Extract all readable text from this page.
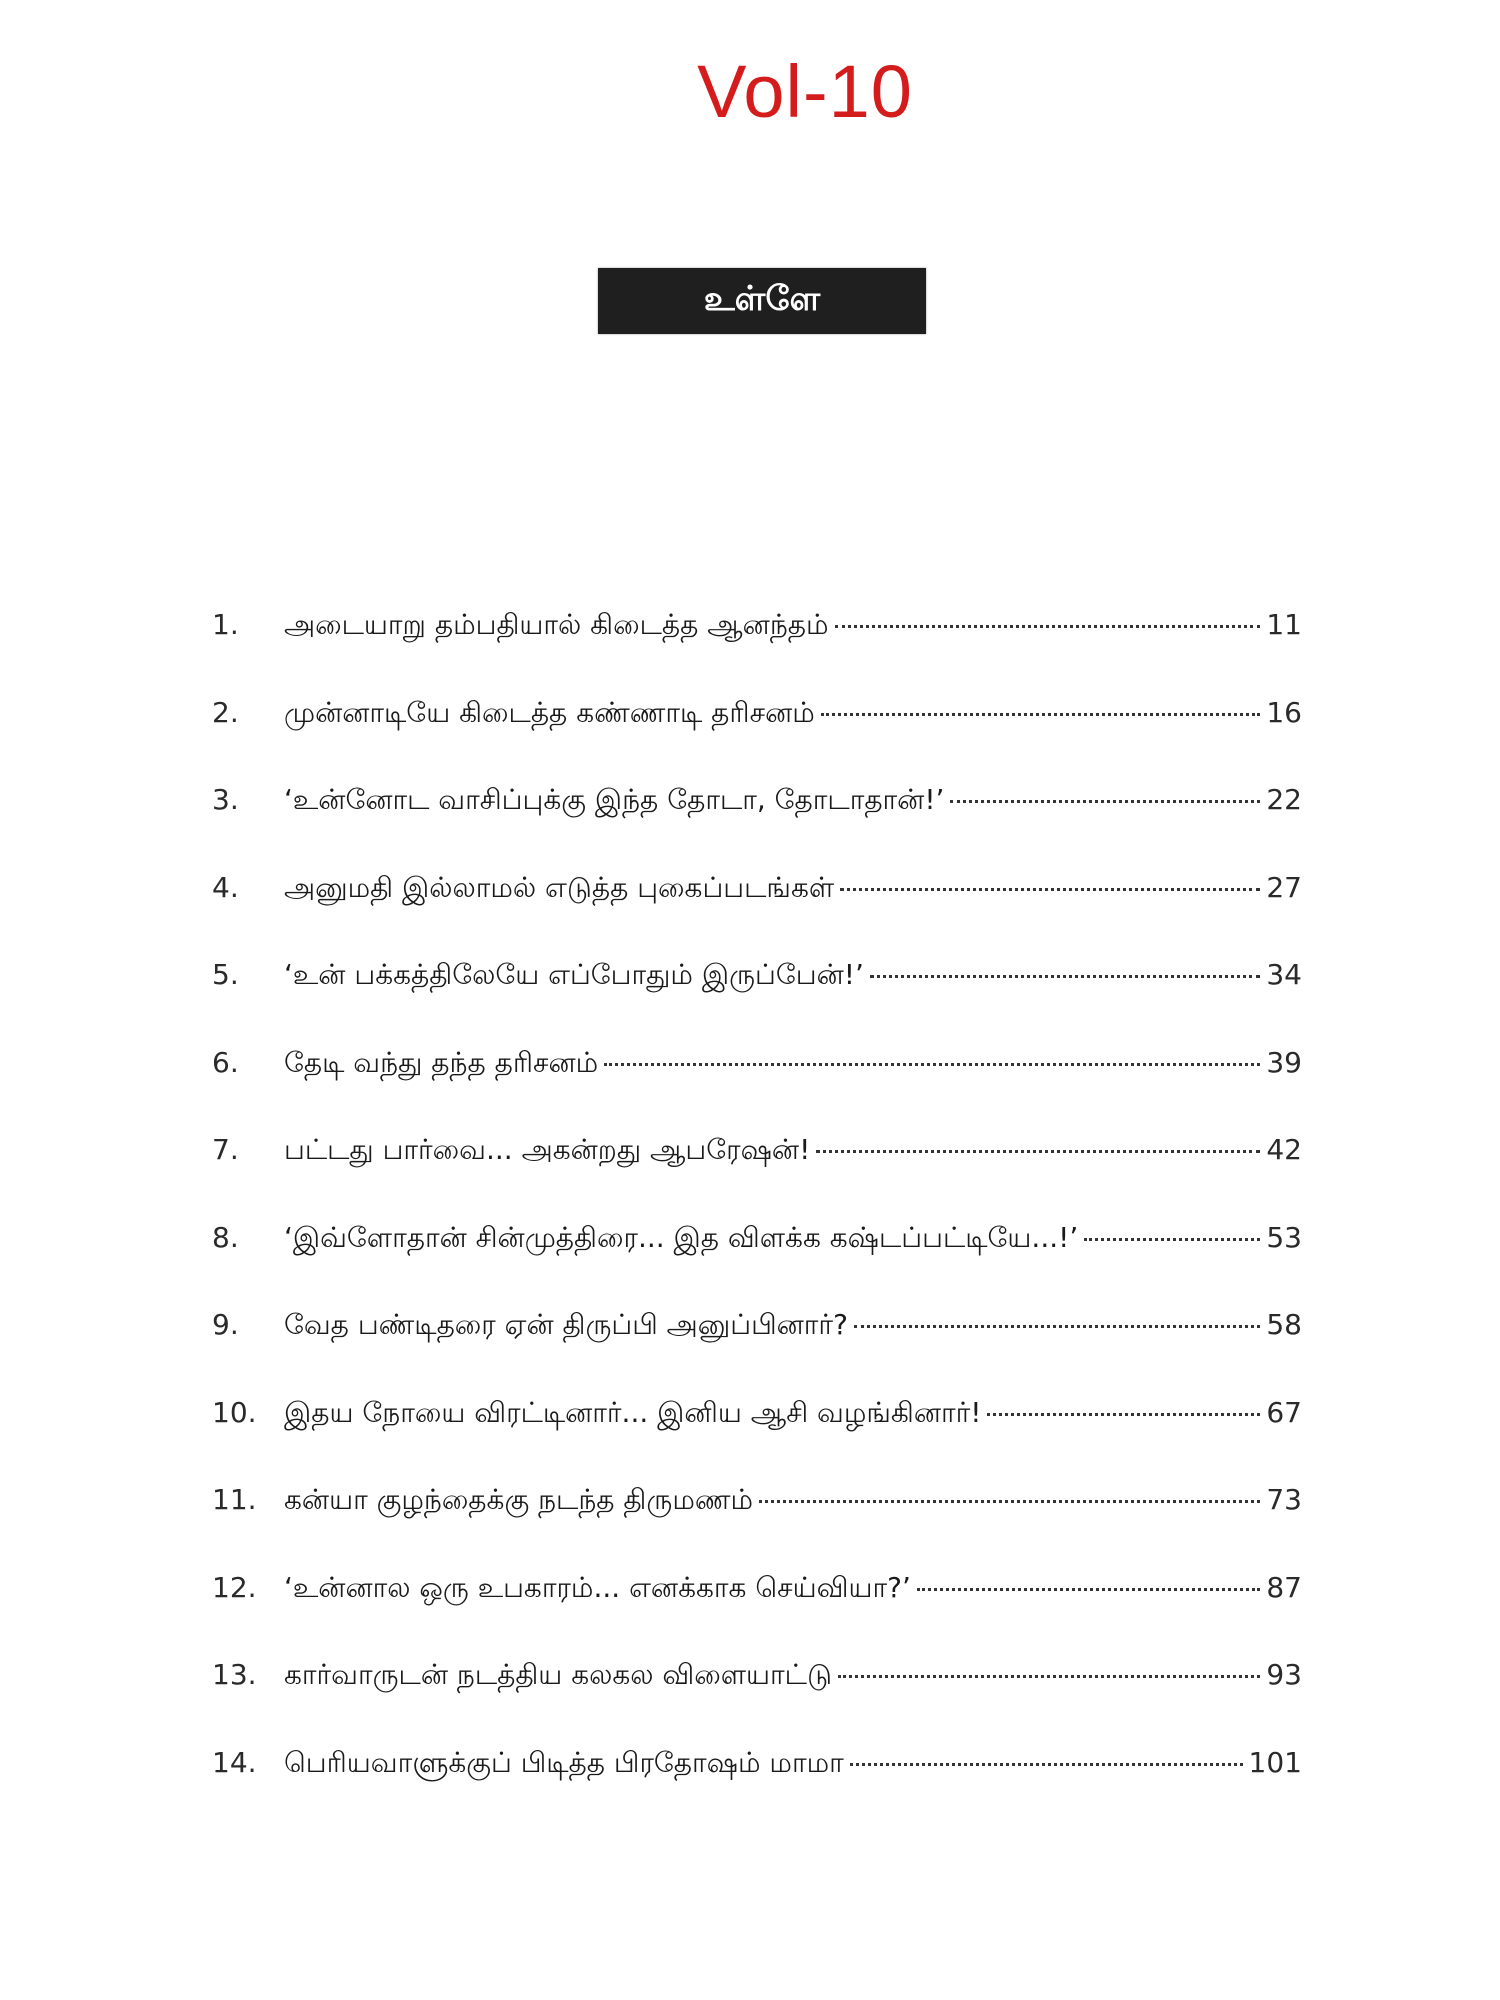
Vol-10
உள்ளே
1.	அடையாறு தம்பதியால் கிடைத்த ஆனந்தம்	11
2.	முன்னாடியே கிடைத்த கண்ணாடி தரிசனம்	16
3.	‘உன்னோட வாசிப்புக்கு இந்த தோடா, தோடாதான்!’	22
4.	அனுமதி இல்லாமல் எடுத்த புகைப்படங்கள்	27
5.	‘உன் பக்கத்திலேயே எப்போதும் இருப்பேன்!’	34
6.	தேடி வந்து தந்த தரிசனம்	39
7.	பட்டது பார்வை... அகன்றது ஆபரேஷன்!	42
8.	‘இவ்ளோதான் சின்முத்திரை... இத விளக்க கஷ்டப்பட்டியே...!’	53
9.	வேத பண்டிதரை ஏன் திருப்பி அனுப்பினார்?	58
10. இதய நோயை விரட்டினார்... இனிய ஆசி வழங்கினார்!	67
11. கன்யா குழந்தைக்கு நடந்த திருமணம்	73
12. ‘உன்னால ஒரு உபகாரம்... எனக்காக செய்வியா?’	87
13. கார்வாருடன் நடத்திய கலகல விளையாட்டு	93
14. பெரியவாளுக்குப் பிடித்த பிரதோஷம் மாமா	101
